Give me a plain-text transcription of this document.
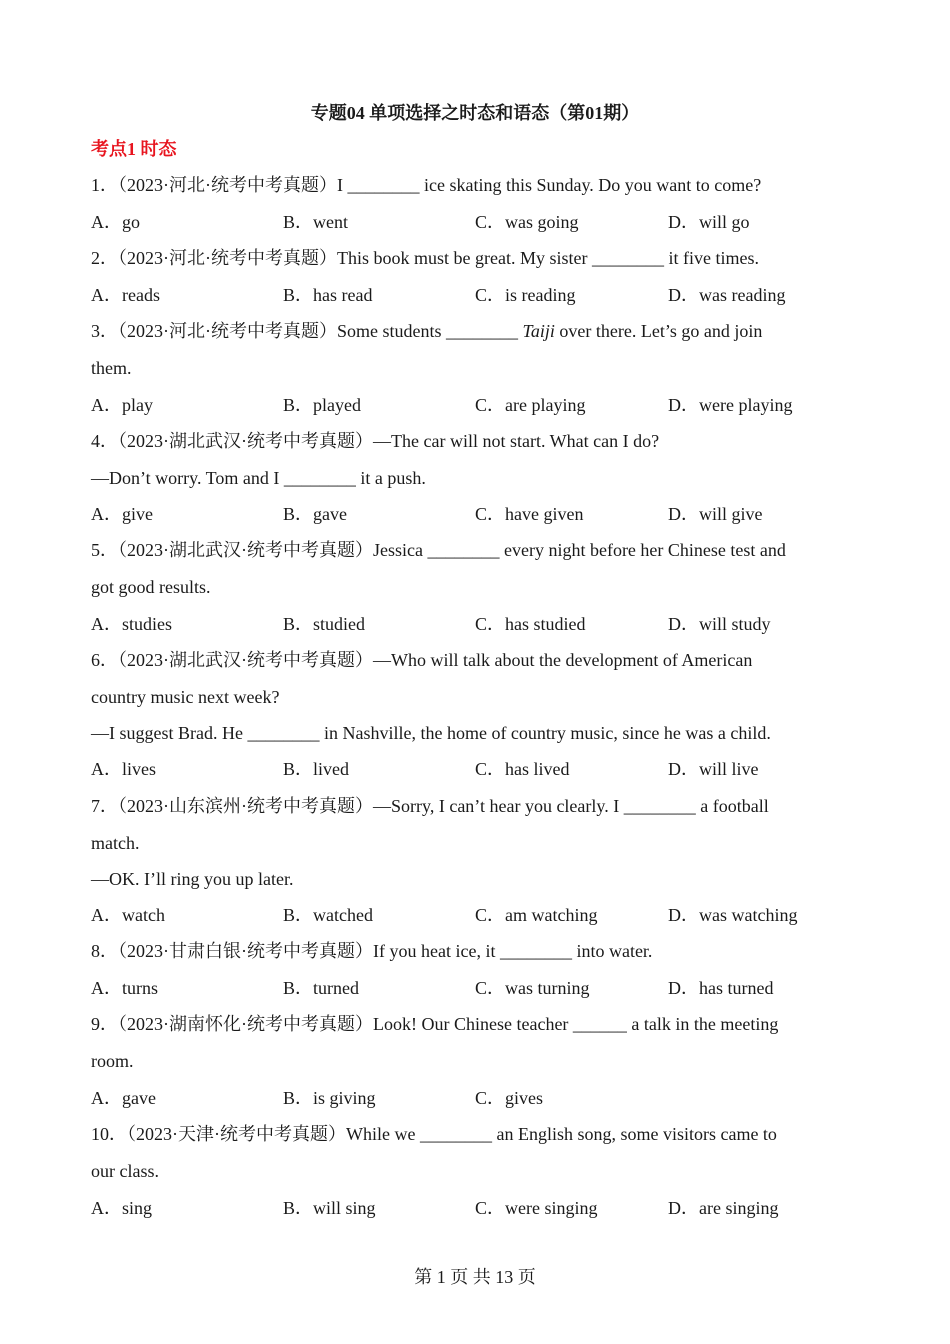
专题04 单项选择之时态和语态（第01期）
考点1 时态
1．（2023·河北·统考中考真题）I ________ ice skating this Sunday. Do you want to come?
A．go	B．went	C．was going	D．will go
2．（2023·河北·统考中考真题）This book must be great. My sister ________ it five times.
A．reads	B．has read	C．is reading	D．was reading
3．（2023·河北·统考中考真题）Some students ________ Taiji over there. Let’s go and join
them.
A．play	B．played	C．are playing	D．were playing
4．（2023·湖北武汉·统考中考真题）—The car will not start. What can I do?
—Don’t worry. Tom and I ________ it a push.
A．give	B．gave	C．have given	D．will give
5．（2023·湖北武汉·统考中考真题）Jessica ________ every night before her Chinese test and
got good results.
A．studies	B．studied	C．has studied	D．will study
6．（2023·湖北武汉·统考中考真题）—Who will talk about the development of American
country music next week?
—I suggest Brad. He ________ in Nashville, the home of country music, since he was a child.
A．lives	B．lived	C．has lived	D．will live
7．（2023·山东滨州·统考中考真题）—Sorry, I can’t hear you clearly. I ________ a football
match.
—OK. I’ll ring you up later.
A．watch	B．watched	C．am watching	D．was watching
8．（2023·甘肃白银·统考中考真题）If you heat ice, it ________ into water.
A．turns	B．turned	C．was turning	D．has turned
9．（2023·湖南怀化·统考中考真题）Look! Our Chinese teacher ______ a talk in the meeting
room.
A．gave	B．is giving	C．gives
10．（2023·天津·统考中考真题）While we ________ an English song, some visitors came to
our class.
A．sing	B．will sing	C．were singing	D．are singing
第 1 页 共 13 页
